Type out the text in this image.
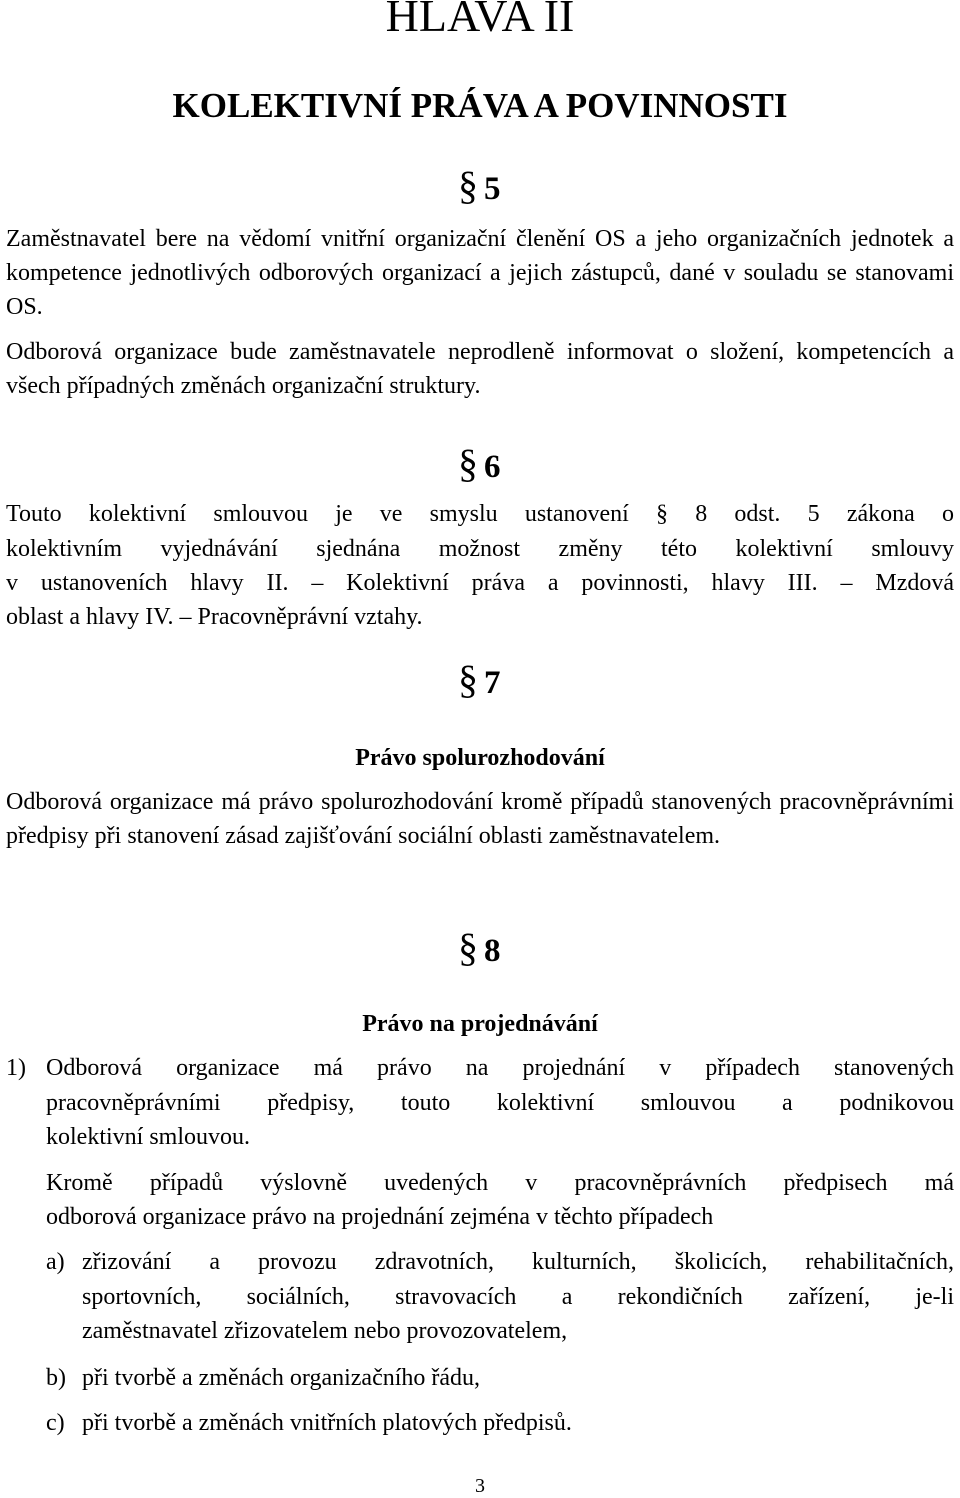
HLAVA II
KOLEKTIVNÍ PRÁVA A POVINNOSTI
§ 5
Zaměstnavatel bere na vědomí vnitřní organizační členění OS a jeho organizačních jednotek a kompetence jednotlivých odborových organizací a jejich zástupců, dané v souladu se stanovami OS.
Odborová organizace bude zaměstnavatele neprodleně informovat o složení, kompetencích a všech případných změnách organizační struktury.
§ 6
Touto kolektivní smlouvou je ve smyslu ustanovení § 8 odst. 5 zákona o
kolektivním vyjednávání sjednána možnost změny této kolektivní smlouvy
v ustanoveních hlavy II. – Kolektivní práva a povinnosti, hlavy III. – Mzdová
oblast a hlavy IV. – Pracovněprávní vztahy.
§ 7
Právo spolurozhodování
Odborová organizace má právo spolurozhodování kromě případů stanovených pracovněprávními předpisy při stanovení zásad zajišťování sociální oblasti zaměstnavatelem.
§ 8
Právo na projednávání
1) Odborová organizace má právo na projednání v případech stanovených
pracovněprávními předpisy, touto kolektivní smlouvou a podnikovou
kolektivní smlouvou.
Kromě případů výslovně uvedených v pracovněprávních předpisech má
odborová organizace právo na projednání zejména v těchto případech
a) zřizování a provozu zdravotních, kulturních, školicích, rehabilitačních,
sportovních, sociálních, stravovacích a rekondičních zařízení, je-li
zaměstnavatel zřizovatelem nebo provozovatelem,
b) při tvorbě a změnách organizačního řádu,
c) při tvorbě a změnách vnitřních platových předpisů.
3
